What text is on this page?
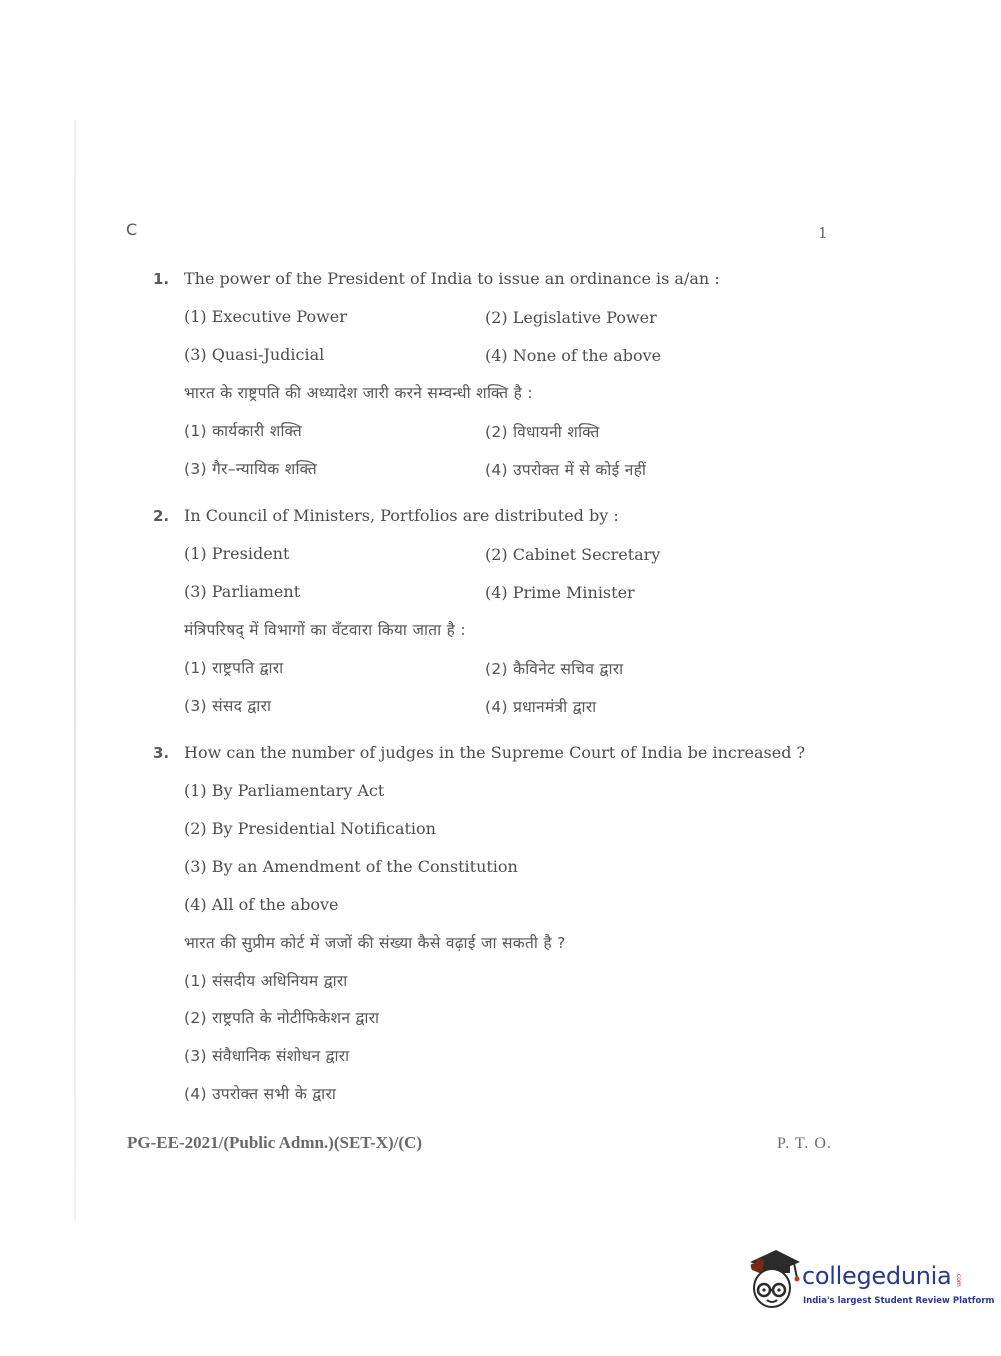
C	1
1. The power of the President of India to issue an ordinance is a/an :
(1) Executive Power	(2) Legislative Power
(3) Quasi-Judicial	(4) None of the above
भारत के राष्ट्रपति की अध्यादेश जारी करने सम्वन्धी शक्ति है :
(1) कार्यकारी शक्ति	(2) विधायनी शक्ति
(3) गैर–न्यायिक शक्ति	(4) उपरोक्त में से कोई नहीं
2. In Council of Ministers, Portfolios are distributed by :
(1) President	(2) Cabinet Secretary
(3) Parliament	(4) Prime Minister
मंत्रिपरिषद् में विभागों का वँटवारा किया जाता है :
(1) राष्ट्रपति द्वारा	(2) कैविनेट सचिव द्वारा
(3) संसद द्वारा	(4) प्रधानमंत्री द्वारा
3. How can the number of judges in the Supreme Court of India be increased ?
(1) By Parliamentary Act
(2) By Presidential Notification
(3) By an Amendment of the Constitution
(4) All of the above
भारत की सुप्रीम कोर्ट में जजों की संख्या कैसे वढ़ाई जा सकती है ?
(1) संसदीय अधिनियम द्वारा
(2) राष्ट्रपति के नोटीफिकेशन द्वारा
(3) संवैधानिक संशोधन द्वारा
(4) उपरोक्त सभी के द्वारा
PG-EE-2021/(Public Admn.)(SET-X)/(C)	P. T. O.
collegedunia .com
India's largest Student Review Platform
